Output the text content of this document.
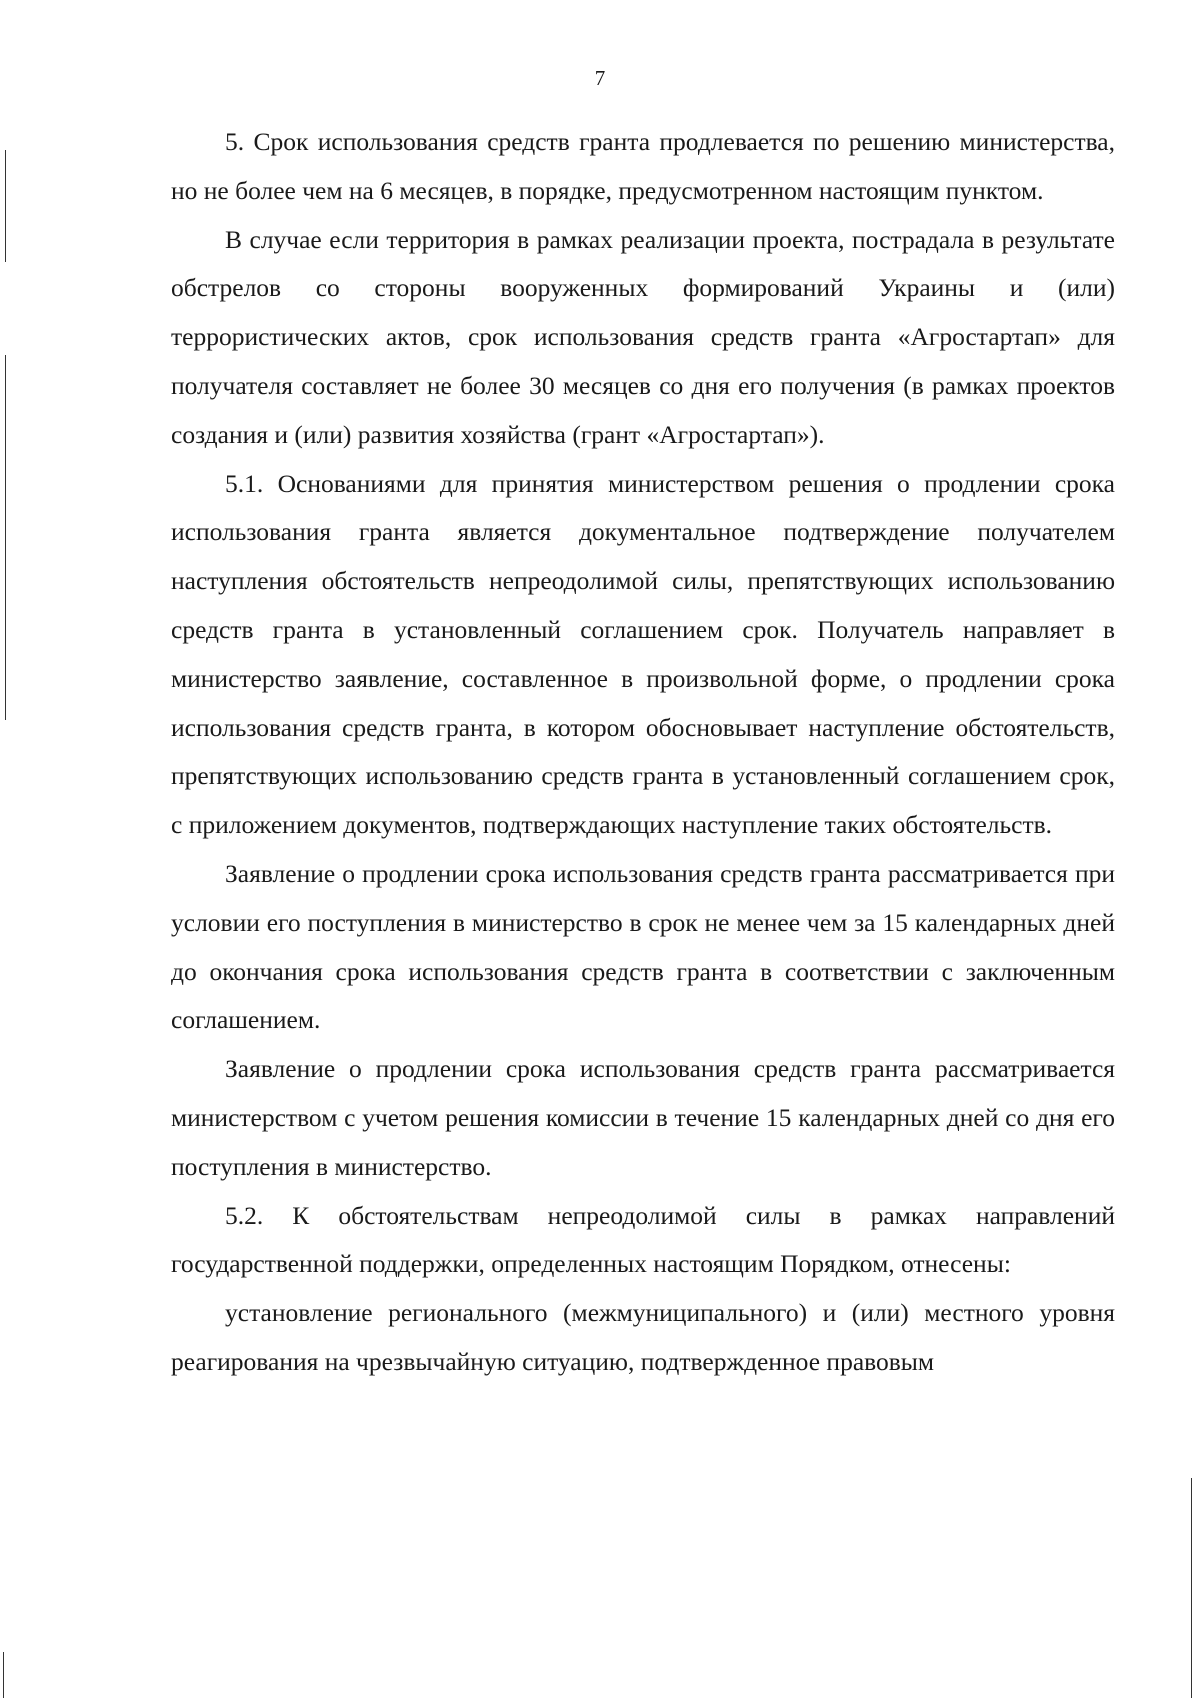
7

5. Срок использования средств гранта продлевается по решению министерства, но не более чем на 6 месяцев, в порядке, предусмотренном настоящим пунктом.

В случае если территория в рамках реализации проекта, пострадала в результате обстрелов со стороны вооруженных формирований Украины и (или) террористических актов, срок использования средств гранта «Агростартап» для получателя составляет не более 30 месяцев со дня его получения (в рамках проектов создания и (или) развития хозяйства (грант «Агростартап»).

5.1. Основаниями для принятия министерством решения о продлении срока использования гранта является документальное подтверждение получателем наступления обстоятельств непреодолимой силы, препятствующих использованию средств гранта в установленный соглашением срок. Получатель направляет в министерство заявление, составленное в произвольной форме, о продлении срока использования средств гранта, в котором обосновывает наступление обстоятельств, препятствующих использованию средств гранта в установленный соглашением срок, с приложением документов, подтверждающих наступление таких обстоятельств.

Заявление о продлении срока использования средств гранта рассматривается при условии его поступления в министерство в срок не менее чем за 15 календарных дней до окончания срока использования средств гранта в соответствии с заключенным соглашением.

Заявление о продлении срока использования средств гранта рассматривается министерством с учетом решения комиссии в течение 15 календарных дней со дня его поступления в министерство.

5.2. К обстоятельствам непреодолимой силы в рамках направлений государственной поддержки, определенных настоящим Порядком, отнесены:

установление регионального (межмуниципального) и (или) местного уровня реагирования на чрезвычайную ситуацию, подтвержденное правовым
